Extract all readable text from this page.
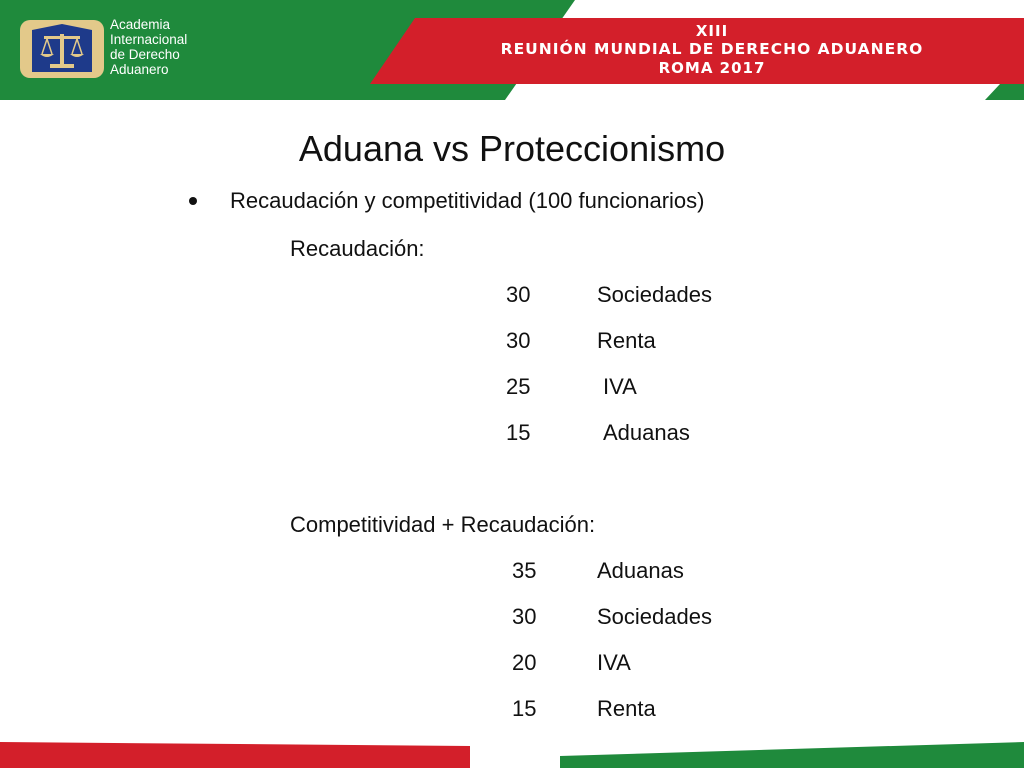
Academia
Internacional
de Derecho
Aduanero
XIII
REUNIÓN MUNDIAL DE DERECHO ADUANERO
ROMA 2017
Aduana vs Proteccionismo
Recaudación y competitividad (100 funcionarios)
Recaudación:
30	Sociedades
30	Renta
25	IVA
15	Aduanas
Competitividad + Recaudación:
35	Aduanas
30	Sociedades
20	IVA
15	Renta
